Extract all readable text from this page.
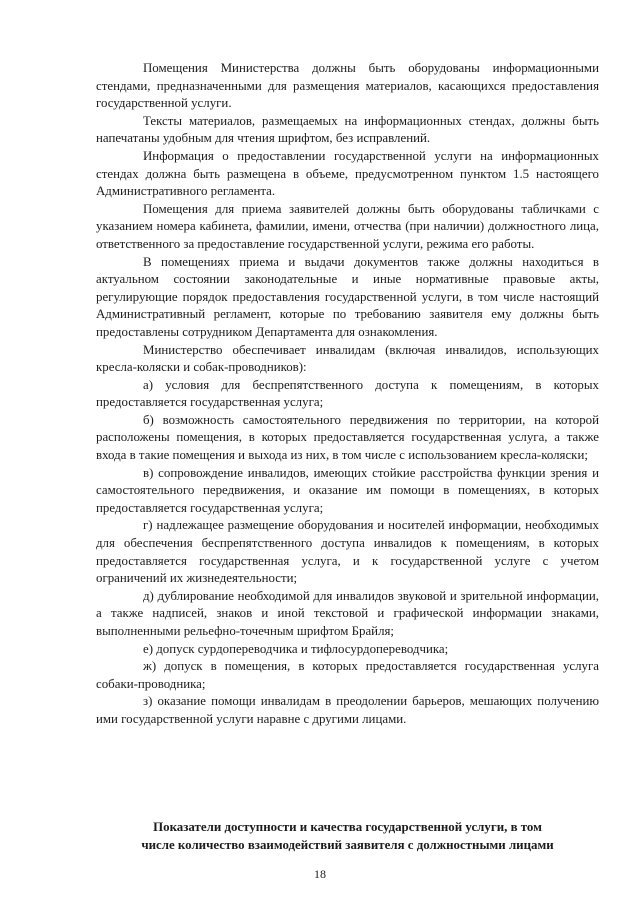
Помещения Министерства должны быть оборудованы информационными стендами, предназначенными для размещения материалов, касающихся предоставления государственной услуги.

Тексты материалов, размещаемых на информационных стендах, должны быть напечатаны удобным для чтения шрифтом, без исправлений.

Информация о предоставлении государственной услуги на информационных стендах должна быть размещена в объеме, предусмотренном пунктом 1.5 настоящего Административного регламента.

Помещения для приема заявителей должны быть оборудованы табличками с указанием номера кабинета, фамилии, имени, отчества (при наличии) должностного лица, ответственного за предоставление государственной услуги, режима его работы.

В помещениях приема и выдачи документов также должны находиться в актуальном состоянии законодательные и иные нормативные правовые акты, регулирующие порядок предоставления государственной услуги, в том числе настоящий Административный регламент, которые по требованию заявителя ему должны быть предоставлены сотрудником Департамента для ознакомления.

Министерство обеспечивает инвалидам (включая инвалидов, использующих кресла-коляски и собак-проводников):

а) условия для беспрепятственного доступа к помещениям, в которых предоставляется государственная услуга;

б) возможность самостоятельного передвижения по территории, на которой расположены помещения, в которых предоставляется государственная услуга, а также входа в такие помещения и выхода из них, в том числе с использованием кресла-коляски;

в) сопровождение инвалидов, имеющих стойкие расстройства функции зрения и самостоятельного передвижения, и оказание им помощи в помещениях, в которых предоставляется государственная услуга;

г) надлежащее размещение оборудования и носителей информации, необходимых для обеспечения беспрепятственного доступа инвалидов к помещениям, в которых предоставляется государственная услуга, и к государственной услуге с учетом ограничений их жизнедеятельности;

д) дублирование необходимой для инвалидов звуковой и зрительной информации, а также надписей, знаков и иной текстовой и графической информации знаками, выполненными рельефно-точечным шрифтом Брайля;

е) допуск сурдопереводчика и тифлосурдопереводчика;

ж) допуск в помещения, в которых предоставляется государственная услуга собаки-проводника;

з) оказание помощи инвалидам в преодолении барьеров, мешающих получению ими государственной услуги наравне с другими лицами.

Показатели доступности и качества государственной услуги, в том
числе количество взаимодействий заявителя с должностными лицами
18
